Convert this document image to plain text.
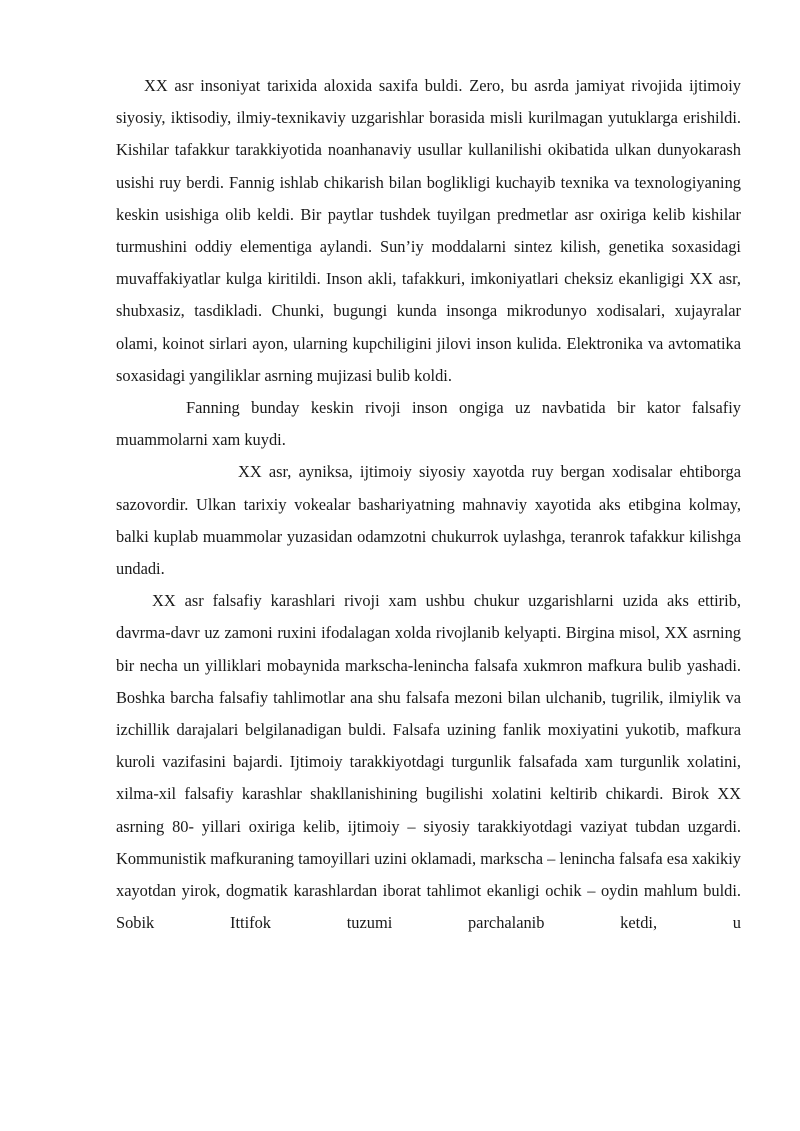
XX asr insoniyat tarixida aloxida saxifa buldi. Zero, bu asrda jamiyat rivojida ijtimoiy siyosiy, iktisodiy, ilmiy-texnikaviy uzgarishlar borasida misli kurilmagan yutuklarga erishildi. Kishilar tafakkur tarakkiyotida noanhanaviy usullar kullanilishi okibatida ulkan dunyokarash usishi ruy berdi. Fannig ishlab chikarish bilan boglikligi kuchayib texnika va texnologiyaning keskin usishiga olib keldi. Bir paytlar tushdek tuyilgan predmetlar asr oxiriga kelib kishilar turmushini oddiy elementiga aylandi. Sun’iy moddalarni sintez kilish, genetika soxasidagi muvaffakiyatlar kulga kiritildi. Inson akli, tafakkuri, imkoniyatlari cheksiz ekanligigi XX asr, shubxasiz, tasdikladi. Chunki, bugungi kunda insonga mikrodunyo xodisalari, xujayralar olami, koinot sirlari ayon, ularning kupchiligini jilovi inson kulida. Elektronika va avtomatika soxasidagi yangiliklar asrning mujizasi bulib koldi.

Fanning bunday keskin rivoji inson ongiga uz navbatida bir kator falsafiy muammolarni xam kuydi.

XX asr, ayniksa, ijtimoiy siyosiy xayotda ruy bergan xodisalar ehtiborga sazovordir. Ulkan tarixiy vokealar bashariyatning mahnaviy xayotida aks etibgina kolmay, balki kuplab muammolar yuzasidan odamzotni chukurrok uylashga, teranrok tafakkur kilishga undadi.

XX asr falsafiy karashlari rivoji xam ushbu chukur uzgarishlarni uzida aks ettirib, davrma-davr uz zamoni ruxini ifodalagan xolda rivojlanib kelyapti. Birgina misol, XX asrning bir necha un yilliklari mobaynida markscha-lenincha falsafa xukmron mafkura bulib yashadi. Boshka barcha falsafiy tahlimotlar ana shu falsafa mezoni bilan ulchanib, tugrilik, ilmiylik va izchillik darajalari belgilanadigan buldi. Falsafa uzining fanlik moxiyatini yukotib, mafkura kuroli vazifasini bajardi. Ijtimoiy tarakkiyotdagi turgunlik falsafada xam turgunlik xolatini, xilma-xil falsafiy karashlar shakllanishining bugilishi xolatini keltirib chikardi. Birok XX asrning 80- yillari oxiriga kelib, ijtimoiy – siyosiy tarakkiyotdagi vaziyat tubdan uzgardi. Kommunistik mafkuraning tamoyillari uzini oklamadi, markscha – lenincha falsafa esa xakikiy xayotdan yirok, dogmatik karashlardan iborat tahlimot ekanligi ochik – oydin mahlum buldi. Sobik Ittifok tuzumi parchalanib ketdi, u
